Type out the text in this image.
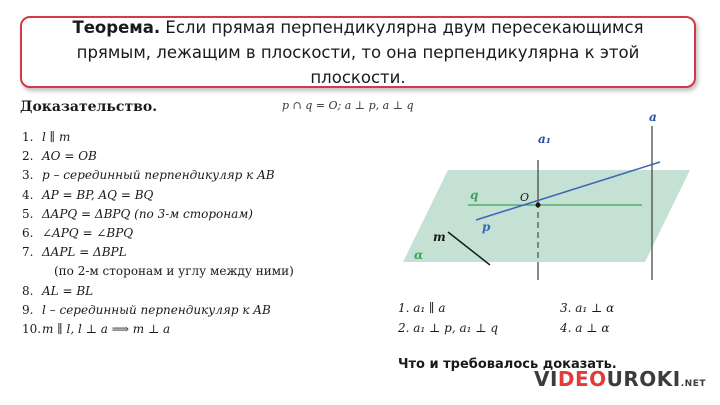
Теорема. Если прямая перпендикулярна двум пересекающимся прямым, лежащим в плоскости, то она перпендикулярна к этой плоскости.
Доказательство.	p ∩ q = O; a ⊥ p, a ⊥ q
1. l ∥ m
2. AO = OB
3. p – серединный перпендикуляр к AB
4. AP = BP, AQ = BQ
5. ΔAPQ = ΔBPQ (по 3-м сторонам)
6. ∠APQ = ∠BPQ
7. ΔAPL = ΔBPL
(по 2-м сторонам и углу между ними)
8. AL = BL
9. l – серединный перпендикуляр к AB
10.m ∥ l, l ⊥ a ⟹ m ⊥ a
a₁
a
q	O
p
m
α
1. a₁ ∥ a	3. a₁ ⊥ α
2. a₁ ⊥ p, a₁ ⊥ q	4. a ⊥ α
Что и требовалось доказать.
VIDEOUROKI.NET
